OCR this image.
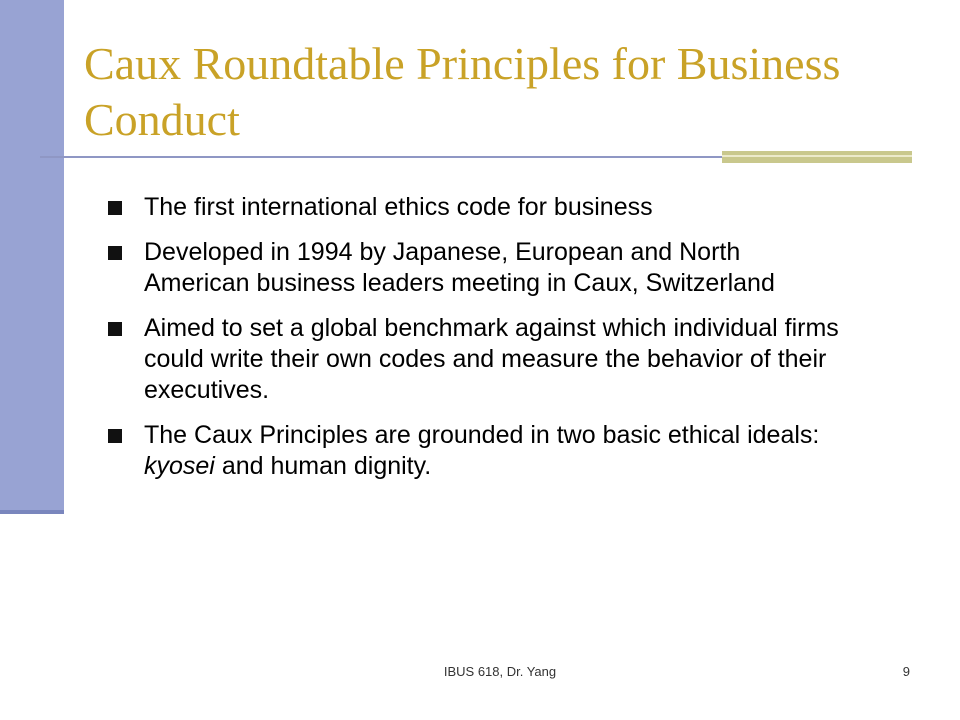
Caux Roundtable Principles for Business Conduct
The first international ethics code for business
Developed in 1994 by Japanese, European and North American business leaders meeting in Caux, Switzerland
Aimed to set a global benchmark against which individual firms could write their own codes and measure the behavior of their executives.
The Caux Principles are grounded in two basic ethical ideals: kyosei and human dignity.
IBUS 618, Dr. Yang	9
